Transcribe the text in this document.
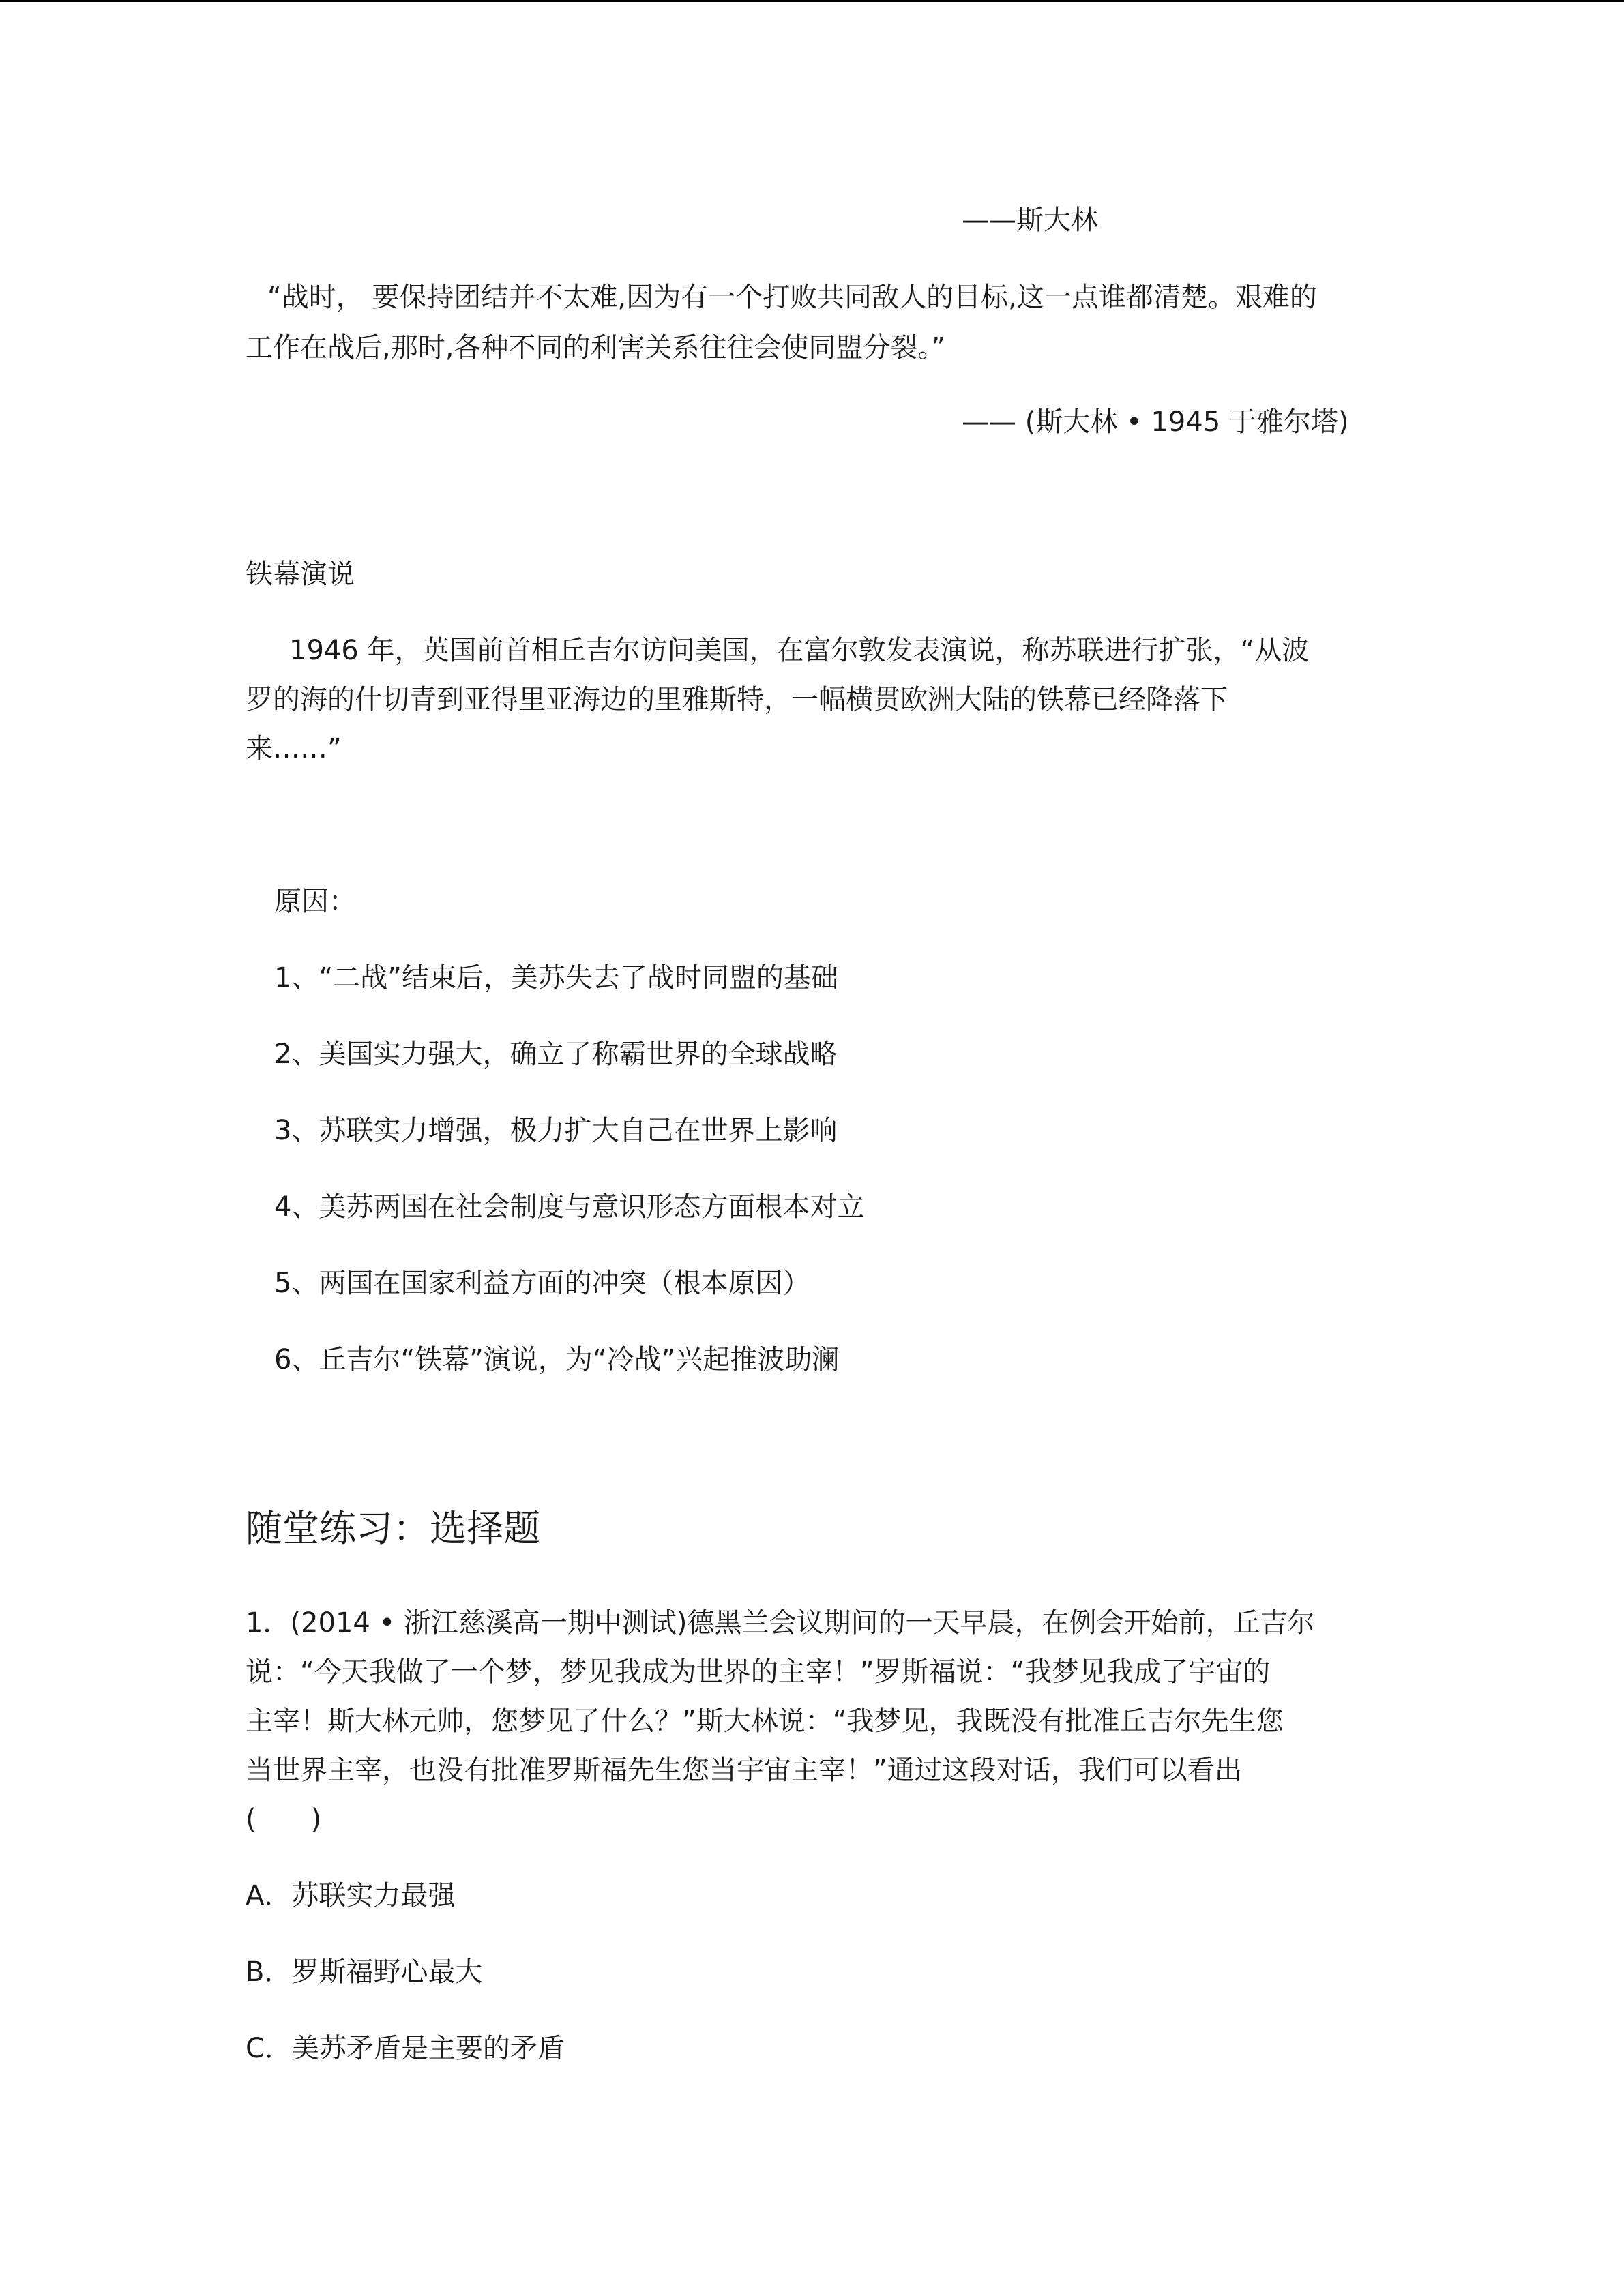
——斯大林

“战时， 要保持团结并不太难,因为有一个打败共同敌人的目标,这一点谁都清楚。艰难的

工作在战后,那时,各种不同的利害关系往往会使同盟分裂。”

—— (斯大林 • 1945 于雅尔塔)

铁幕演说

1946 年，英国前首相丘吉尔访问美国，在富尔敦发表演说，称苏联进行扩张，“从波

罗的海的什切青到亚得里亚海边的里雅斯特，一幅横贯欧洲大陆的铁幕已经降落下

来……”

原因：

1、“二战”结束后，美苏失去了战时同盟的基础

2、美国实力强大，确立了称霸世界的全球战略

3、苏联实力增强，极力扩大自己在世界上影响

4、美苏两国在社会制度与意识形态方面根本对立

5、两国在国家利益方面的冲突（根本原因）

6、丘吉尔“铁幕”演说，为“冷战”兴起推波助澜

随堂练习：选择题

1．(2014 • 浙江慈溪高一期中测试)德黑兰会议期间的一天早晨，在例会开始前，丘吉尔

说：“今天我做了一个梦，梦见我成为世界的主宰！”罗斯福说：“我梦见我成了宇宙的

主宰！斯大林元帅，您梦见了什么？”斯大林说：“我梦见，我既没有批准丘吉尔先生您

当世界主宰，也没有批准罗斯福先生您当宇宙主宰！”通过这段对话，我们可以看出

(　　)

A．苏联实力最强

B．罗斯福野心最大

C．美苏矛盾是主要的矛盾
